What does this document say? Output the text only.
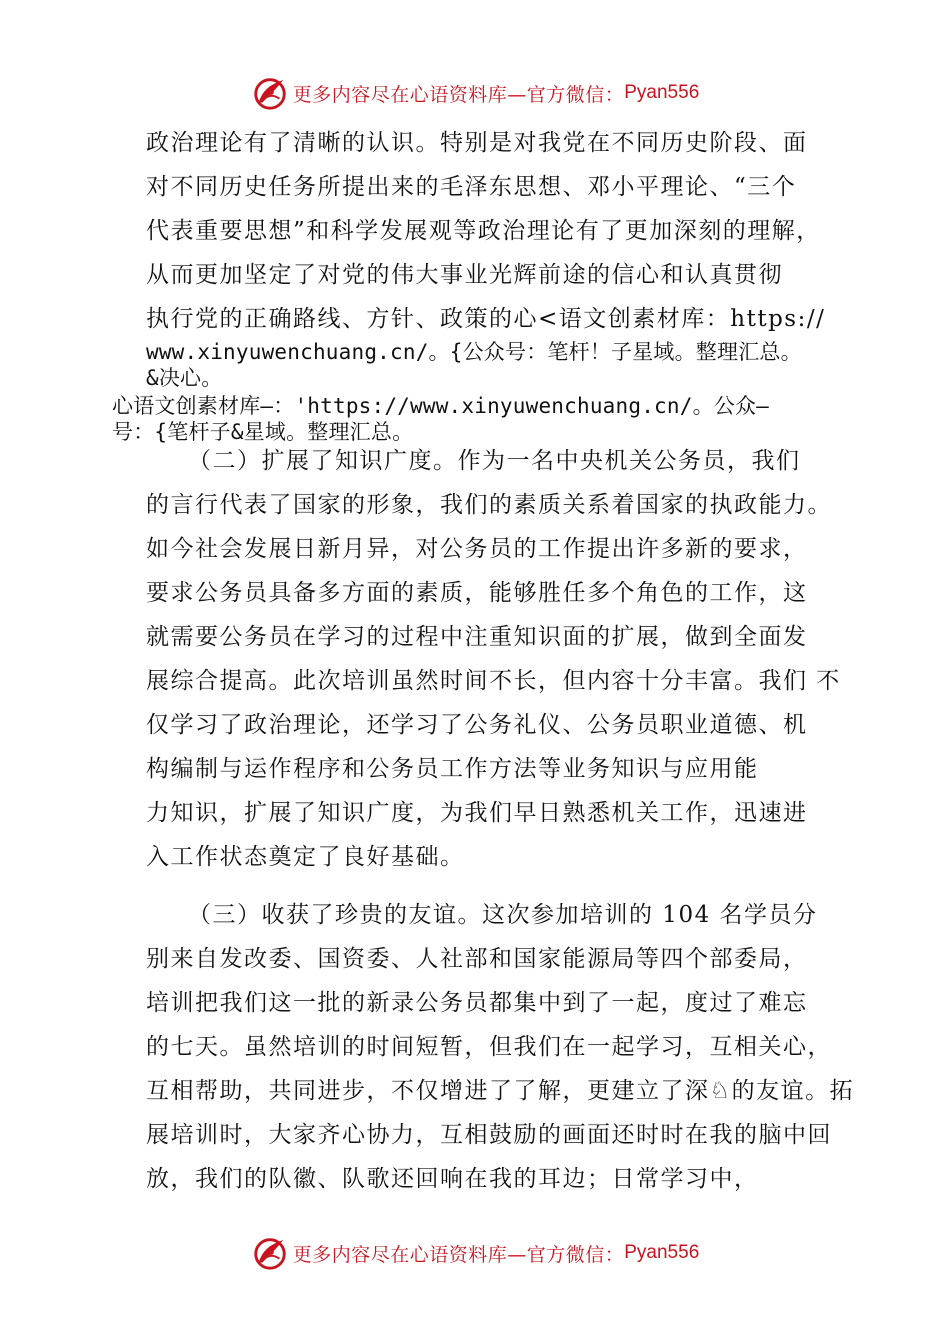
更多内容尽在心语资料库—官方微信： Pyan556
政治理论有了清晰的认识。特别是对我党在不同历史阶段、面
对不同历史任务所提出来的毛泽东思想、邓小平理论、“三个
代表重要思想”和科学发展观等政治理论有了更加深刻的理解，
从而更加坚定了对党的伟大事业光辉前途的信心和认真贯彻
执行党的正确路线、方针、政策的心<语文创素材库：https://
www.xinyuwenchuang.cn/。{公众号：笔杆！子星域。整理汇总。
&决心。
心语文创素材库—：'https://www.xinyuwenchuang.cn/。公众—
号：{笔杆子&星域。整理汇总。
（二）扩展了知识广度。作为一名中央机关公务员，我们
的言行代表了国家的形象，我们的素质关系着国家的执政能力。
如今社会发展日新月异，对公务员的工作提出许多新的要求，
要求公务员具备多方面的素质，能够胜任多个角色的工作，这
就需要公务员在学习的过程中注重知识面的扩展，做到全面发
展综合提高。此次培训虽然时间不长，但内容十分丰富。我们 不
仅学习了政治理论，还学习了公务礼仪、公务员职业道德、机
构编制与运作程序和公务员工作方法等业务知识与应用能
力知识，扩展了知识广度，为我们早日熟悉机关工作，迅速进
入工作状态奠定了良好基础。
（三）收获了珍贵的友谊。这次参加培训的 104 名学员分
别来自发改委、国资委、人社部和国家能源局等四个部委局，
培训把我们这一批的新录公务员都集中到了一起，度过了难忘
的七天。虽然培训的时间短暂，但我们在一起学习，互相关心，
互相帮助，共同进步，不仅增进了了解，更建立了深♘的友谊。拓
展培训时，大家齐心协力，互相鼓励的画面还时时在我的脑中回
放，我们的队徽、队歌还回响在我的耳边；日常学习中，
更多内容尽在心语资料库—官方微信： Pyan556
